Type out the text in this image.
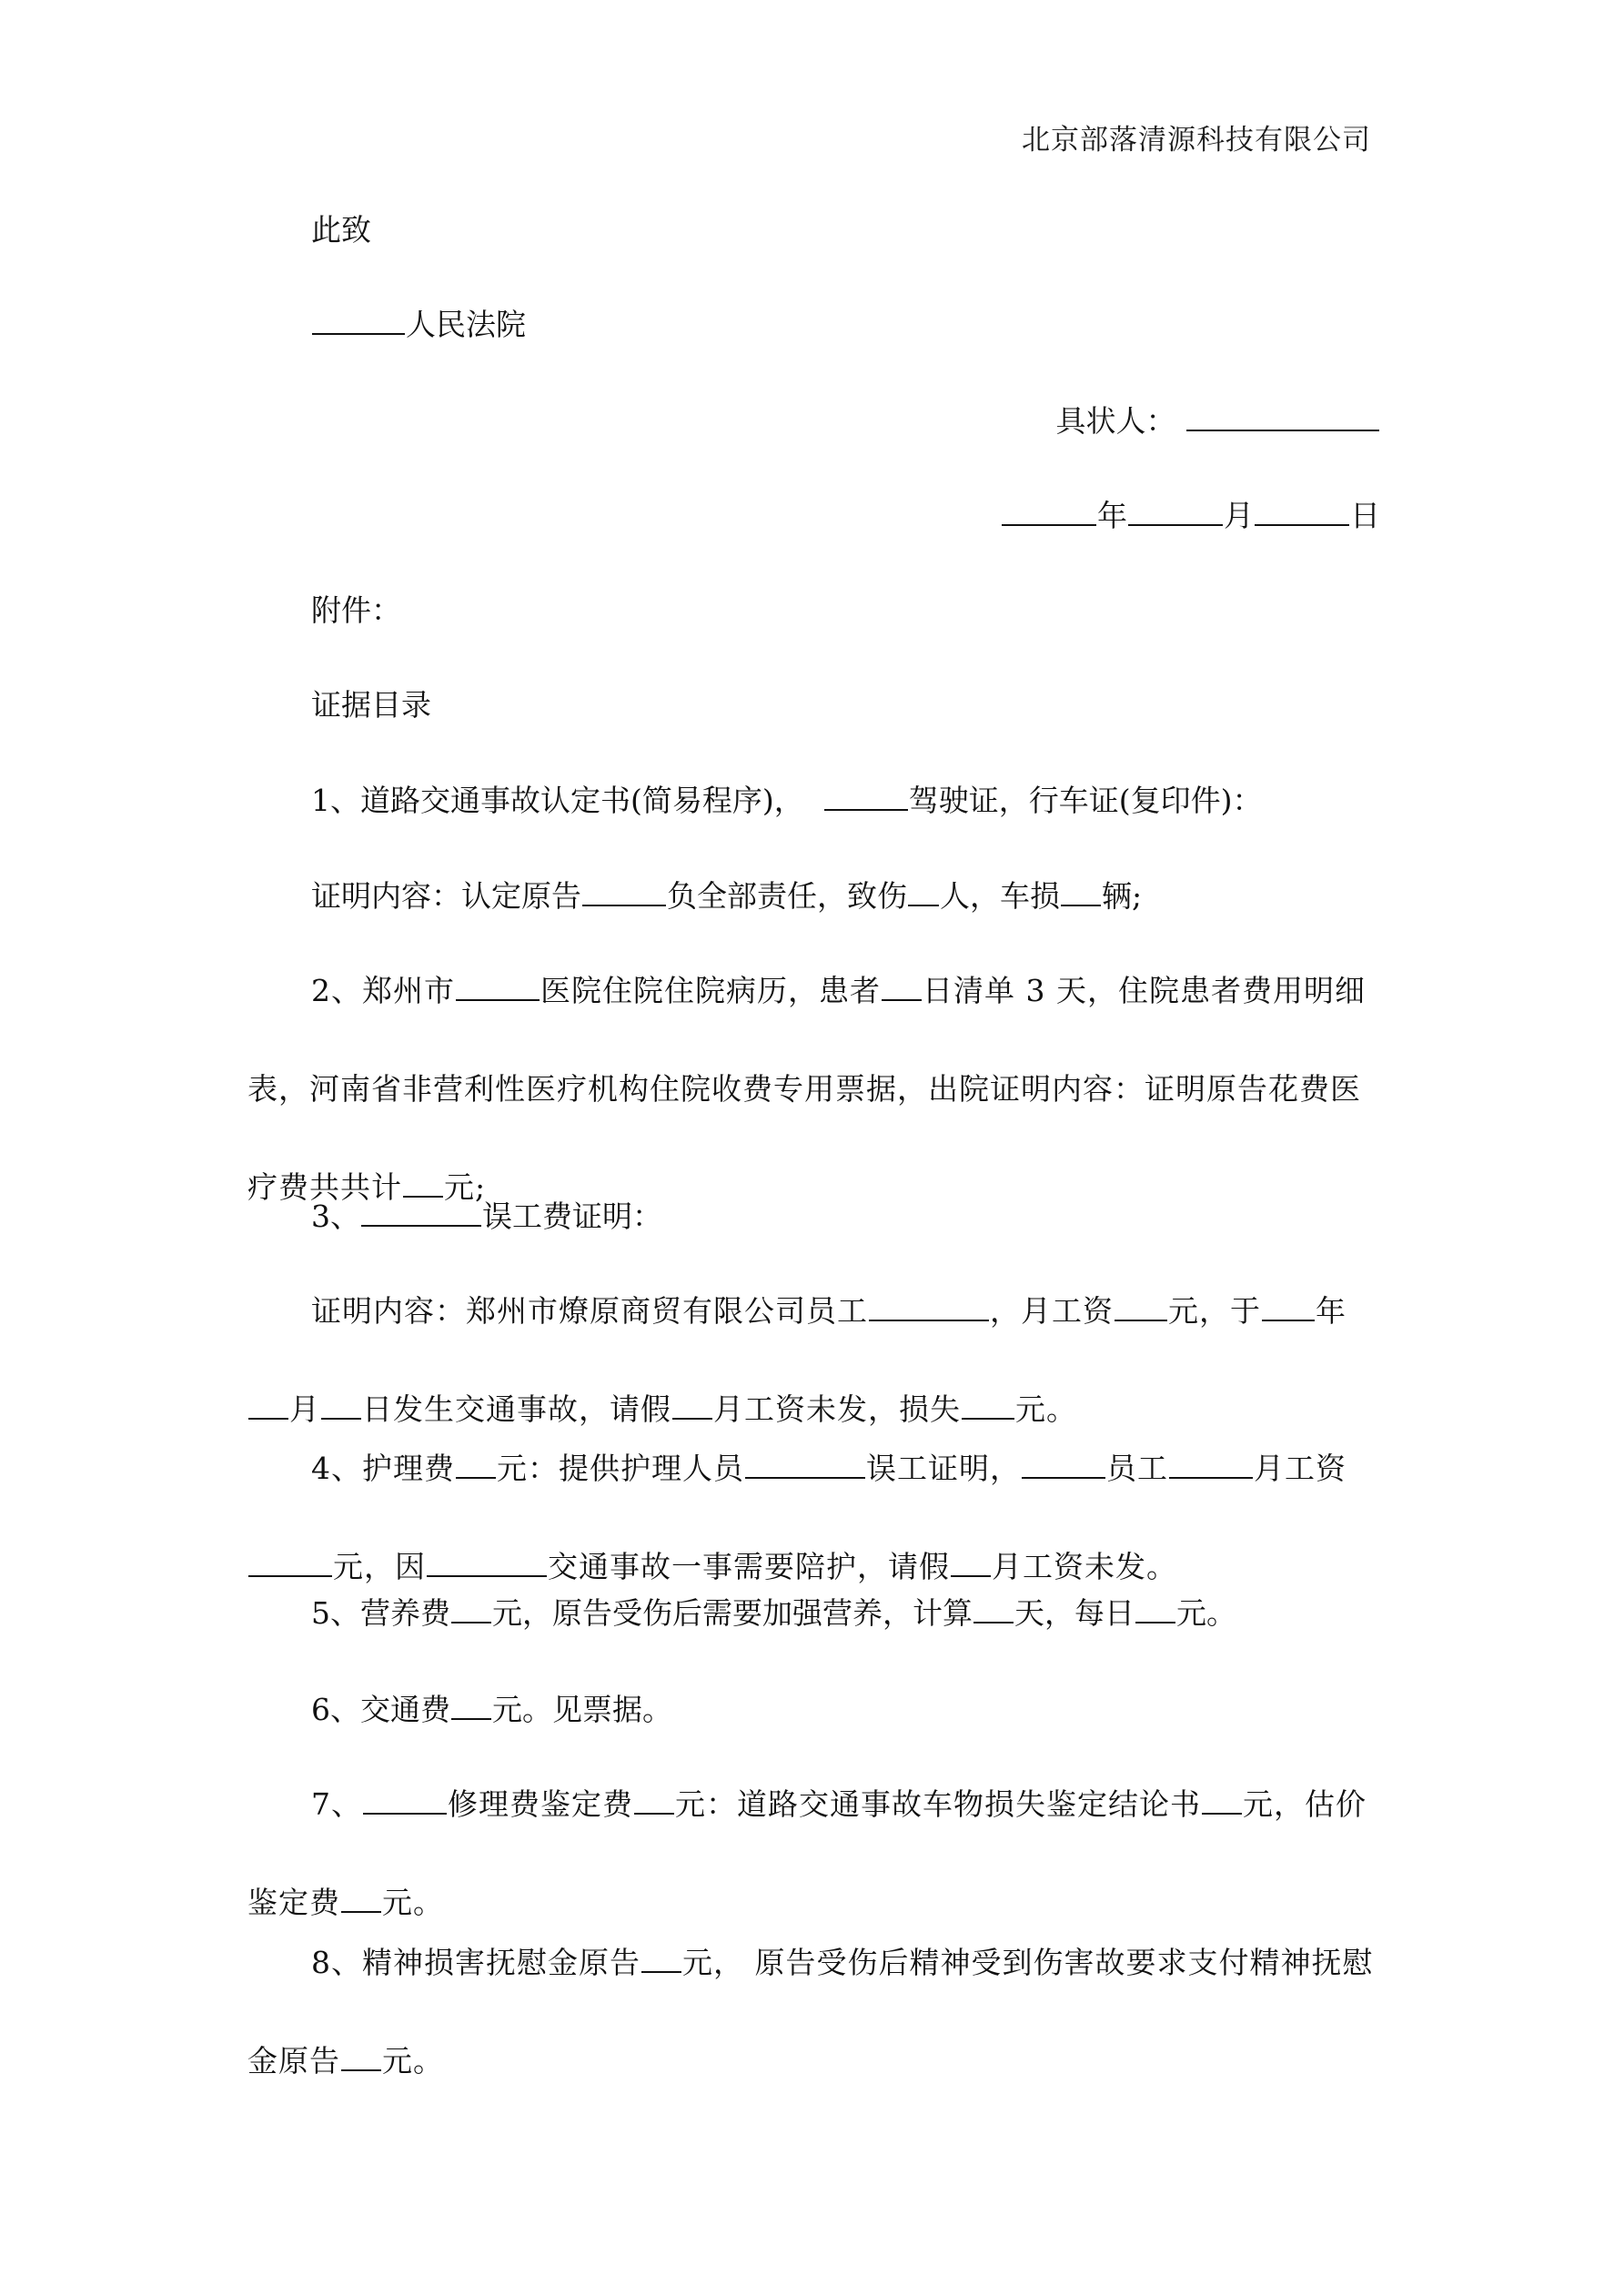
北京部落清源科技有限公司
此致
人民法院
具状人：
年	月	日
附件：
证据目录
1、道路交通事故认定书(简易程序)，	驾驶证，行车证(复印件)：
证明内容：认定原告	负全部责任，致伤 人，车损 辆;
2、郑州市	医院住院住院病历，患者 日清单 3 天，住院患者费用明细表，河南省非营利性医疗机构住院收费专用票据，出院证明内容：证明原告花费医疗费共共计 元;
3、	误工费证明：
证明内容：郑州市燎原商贸有限公司员工	，月工资 元，于 年月 日发生交通事故，请假 月工资未发，损失 元。
4、护理费 元：提供护理人员	误工证明，	员工	月工资元，因	交通事故一事需要陪护，请假 月工资未发。
5、营养费 元，原告受伤后需要加强营养，计算 天，每日 元。
6、交通费 元。见票据。
7、	修理费鉴定费 元：道路交通事故车物损失鉴定结论书 元，估价鉴定费 元。
8、精神损害抚慰金原告 元， 原告受伤后精神受到伤害故要求支付精神抚慰金原告 元。
